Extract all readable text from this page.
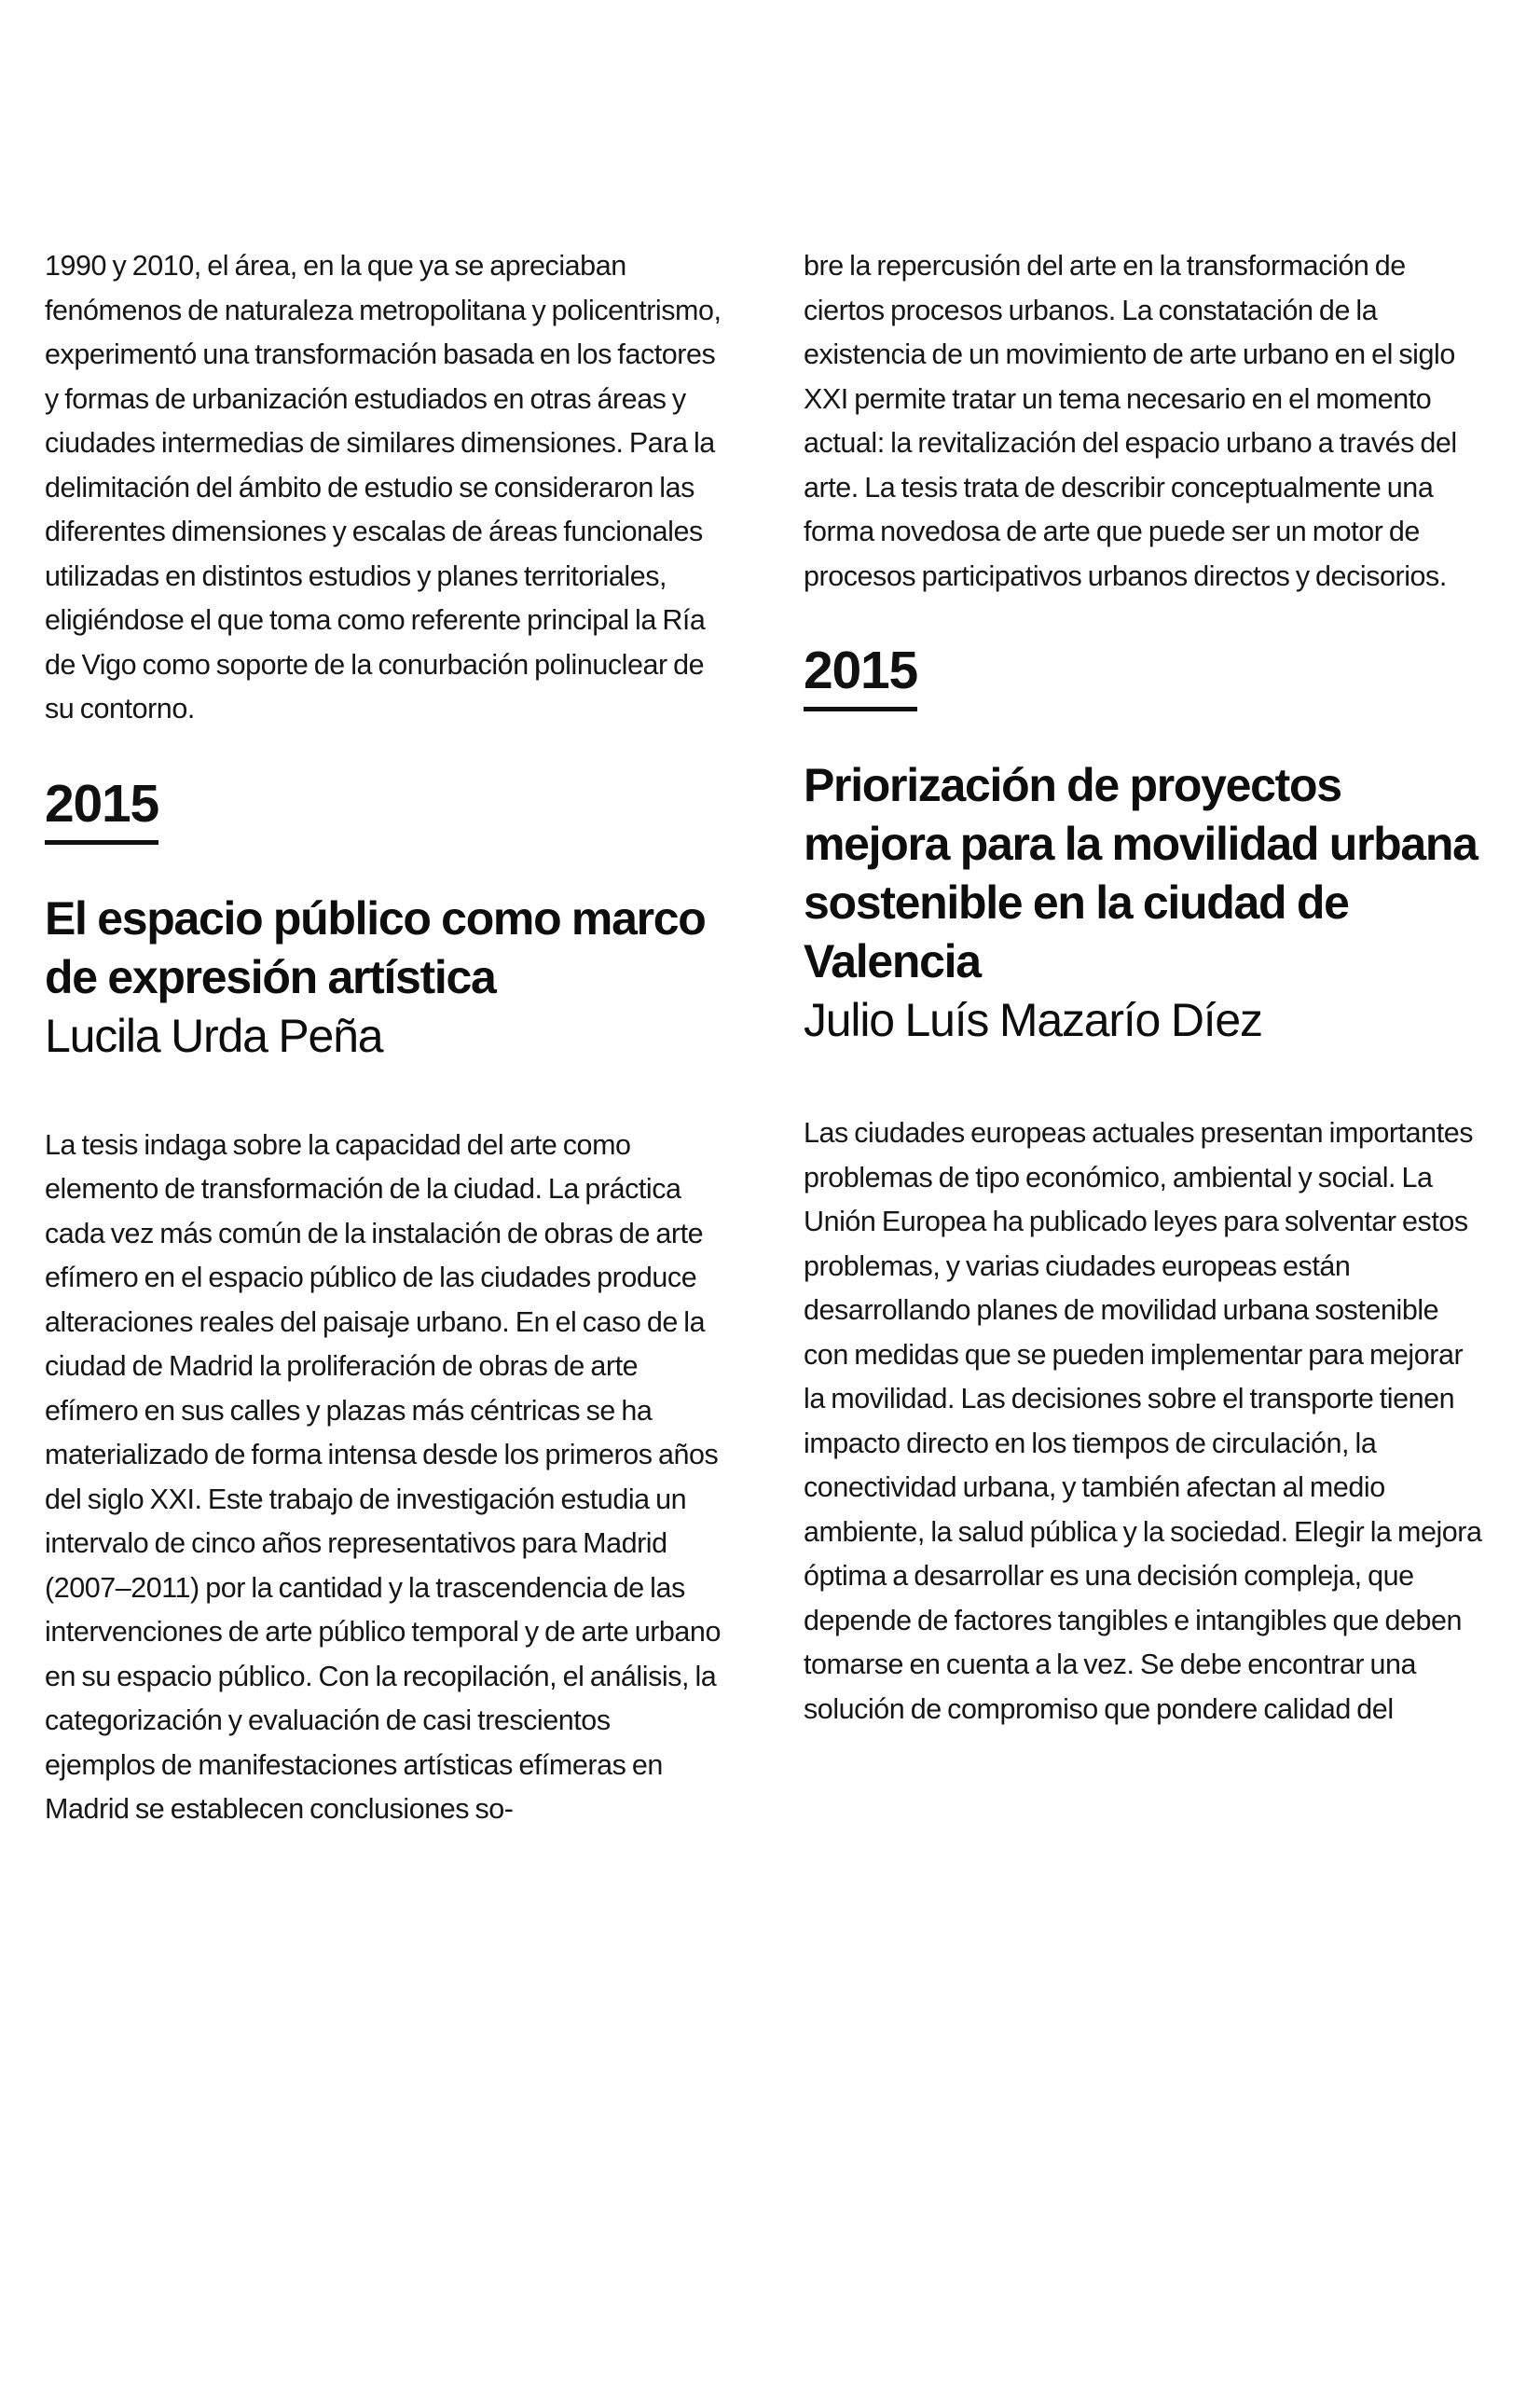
1990 y 2010, el área, en la que ya se apreciaban fenómenos de naturaleza metropolitana y policentrismo, experimentó una transformación basada en los factores y formas de urbanización estudiados en otras áreas y ciudades intermedias de similares dimensiones. Para la delimitación del ámbito de estudio se consideraron las diferentes dimensiones y escalas de áreas funcionales utilizadas en distintos estudios y planes territoriales, eligiéndose el que toma como referente principal la Ría de Vigo como soporte de la conurbación polinuclear de su contorno.

2015
El espacio público como marco de expresión artística

Lucila Urda Peña

La tesis indaga sobre la capacidad del arte como elemento de transformación de la ciudad. La práctica cada vez más común de la instalación de obras de arte efímero en el espacio público de las ciudades produce alteraciones reales del paisaje urbano. En el caso de la ciudad de Madrid la proliferación de obras de arte efímero en sus calles y plazas más céntricas se ha materializado de forma intensa desde los primeros años del siglo XXI. Este trabajo de investigación estudia un intervalo de cinco años representativos para Madrid (2007–2011) por la cantidad y la trascendencia de las intervenciones de arte público temporal y de arte urbano en su espacio público. Con la recopilación, el análisis, la categorización y evaluación de casi trescientos ejemplos de manifestaciones artísticas efímeras en Madrid se establecen conclusiones so-

bre la repercusión del arte en la transformación de ciertos procesos urbanos. La constatación de la existencia de un movimiento de arte urbano en el siglo XXI permite tratar un tema necesario en el momento actual: la revitalización del espacio urbano a través del arte. La tesis trata de describir conceptualmente una forma novedosa de arte que puede ser un motor de procesos participativos urbanos directos y decisorios.

2015
Priorización de proyectos mejora para la movilidad urbana sostenible en la ciudad de Valencia

Julio Luís Mazarío Díez

Las ciudades europeas actuales presentan importantes problemas de tipo económico, ambiental y social. La Unión Europea ha publicado leyes para solventar estos problemas, y varias ciudades europeas están desarrollando planes de movilidad urbana sostenible con medidas que se pueden implementar para mejorar la movilidad. Las decisiones sobre el transporte tienen impacto directo en los tiempos de circulación, la conectividad urbana, y también afectan al medio ambiente, la salud pública y la sociedad. Elegir la mejora óptima a desarrollar es una decisión compleja, que depende de factores tangibles e intangibles que deben tomarse en cuenta a la vez. Se debe encontrar una solución de compromiso que pondere calidad del
